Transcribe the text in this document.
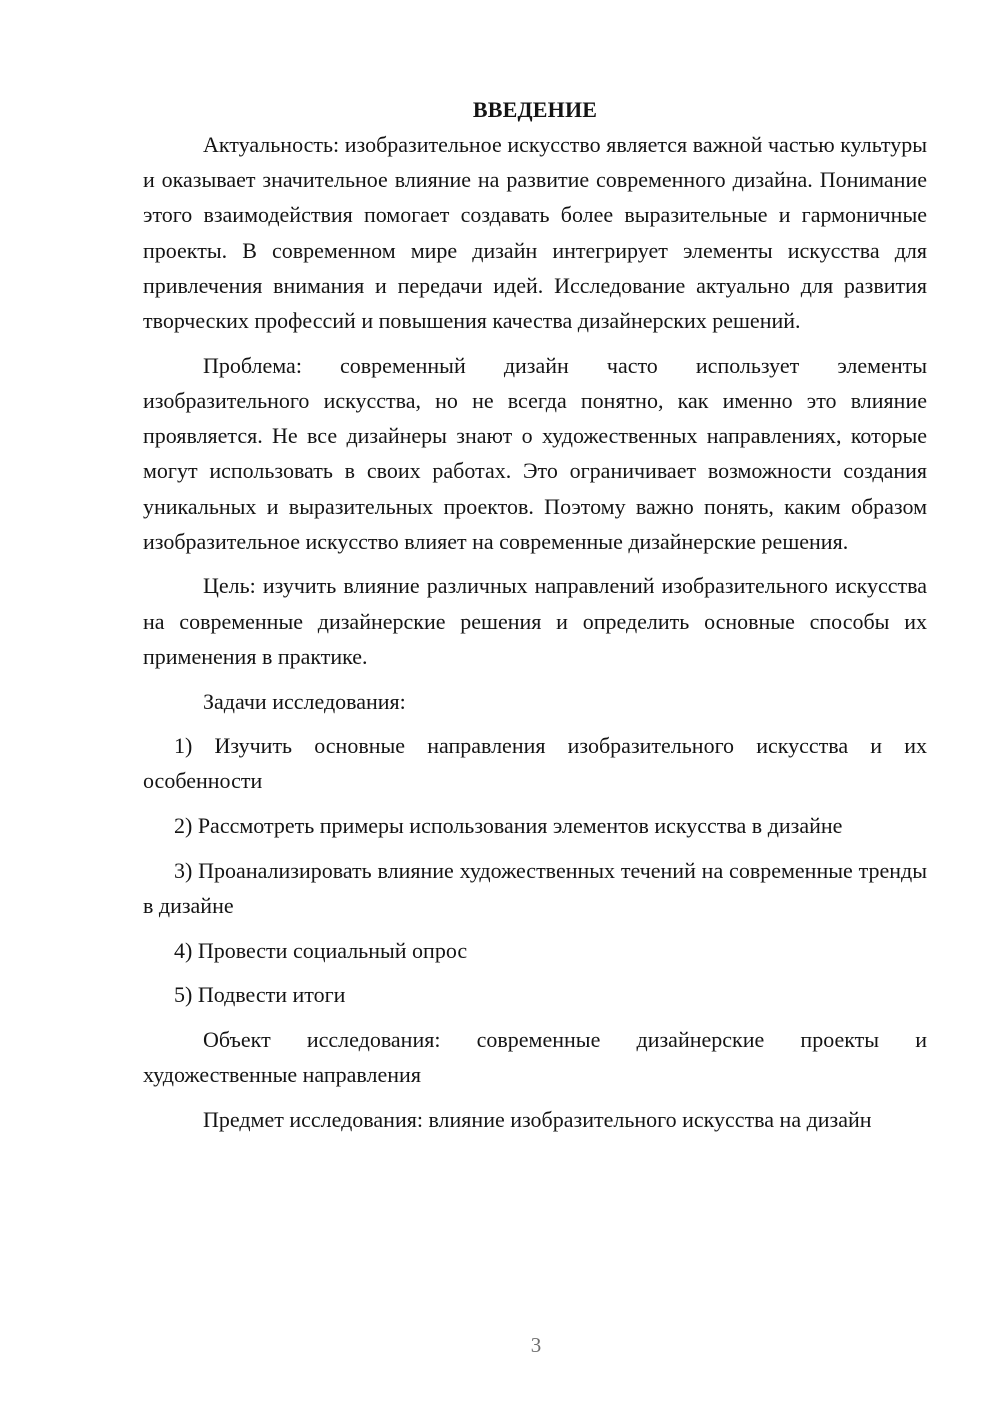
ВВЕДЕНИЕ

Актуальность: изобразительное искусство является важной частью культуры и оказывает значительное влияние на развитие современного дизайна. Понимание этого взаимодействия помогает создавать более выразительные и гармоничные проекты. В современном мире дизайн интегрирует элементы искусства для привлечения внимания и передачи идей. Исследование актуально для развития творческих профессий и повышения качества дизайнерских решений.

Проблема: современный дизайн часто использует элементы изобразительного искусства, но не всегда понятно, как именно это влияние проявляется. Не все дизайнеры знают о художественных направлениях, которые могут использовать в своих работах. Это ограничивает возможности создания уникальных и выразительных проектов. Поэтому важно понять, каким образом изобразительное искусство влияет на современные дизайнерские решения.

Цель: изучить влияние различных направлений изобразительного искусства на современные дизайнерские решения и определить основные способы их применения в практике.

Задачи исследования:

1) Изучить основные направления изобразительного искусства и их особенности

2) Рассмотреть примеры использования элементов искусства в дизайне

3) Проанализировать влияние художественных течений на современные тренды в дизайне

4) Провести социальный опрос

5) Подвести итоги

Объект исследования: современные дизайнерские проекты и художественные направления

Предмет исследования: влияние изобразительного искусства на дизайн

3
